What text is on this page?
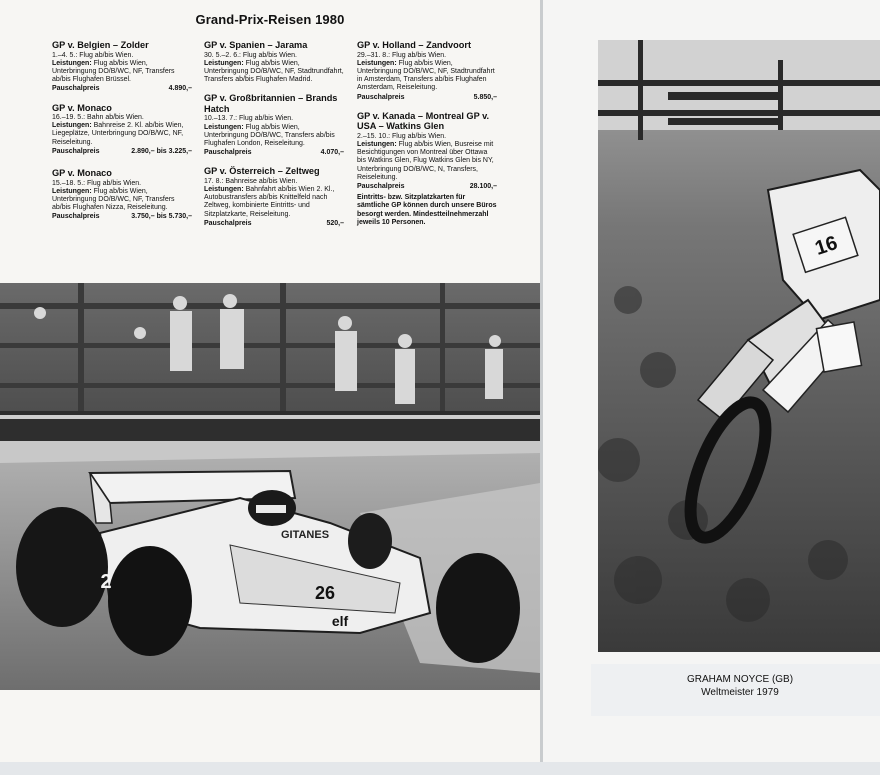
Grand-Prix-Reisen 1980
GP v. Belgien – Zolder

1.–4. 5.: Flug ab/bis Wien.

Leistungen: Flug ab/bis Wien, Unterbringung DO/B/WC, NF, Transfers ab/bis Flughafen Brüssel.

Pauschalpreis	4.890,–
GP v. Monaco

16.–19. 5.: Bahn ab/bis Wien.

Leistungen: Bahnreise 2. Kl. ab/bis Wien, Liegeplätze, Unterbringung DO/B/WC, NF, Reiseleitung.

Pauschalpreis	2.890,– bis 3.225,–
GP v. Monaco

15.–18. 5.: Flug ab/bis Wien.

Leistungen: Flug ab/bis Wien, Unterbringung DO/B/WC, NF, Transfers ab/bis Flughafen Nizza, Reiseleitung.

Pauschalpreis	3.750,– bis 5.730,–
GP v. Spanien – Jarama

30. 5.–2. 6.: Flug ab/bis Wien.

Leistungen: Flug ab/bis Wien, Unterbringung DO/B/WC, NF, Stadtrundfahrt, Transfers ab/bis Flughafen Madrid.

GP v. Großbritannien – Brands Hatch

10.–13. 7.: Flug ab/bis Wien.

Leistungen: Flug ab/bis Wien, Unterbringung DO/B/WC, Transfers ab/bis Flughafen London, Reiseleitung.

Pauschalpreis	4.070,–
GP v. Österreich – Zeltweg

17. 8.: Bahnreise ab/bis Wien.

Leistungen: Bahnfahrt ab/bis Wien 2. Kl., Autobustransfers ab/bis Knittelfeld nach Zeltweg, kombinierte Eintritts- und Sitzplatzkarte, Reiseleitung.

Pauschalpreis	520,–
GP v. Holland – Zandvoort

29.–31. 8.: Flug ab/bis Wien.

Leistungen: Flug ab/bis Wien, Unterbringung DO/B/WC, NF, Stadtrundfahrt in Amsterdam, Transfers ab/bis Flughafen Amsterdam, Reiseleitung.

Pauschalpreis	5.850,–
GP v. Kanada – Montreal GP v. USA – Watkins Glen

2.–15. 10.: Flug ab/bis Wien.

Leistungen: Flug ab/bis Wien, Busreise mit Besichtigungen von Montreal über Ottawa bis Watkins Glen, Flug Watkins Glen bis NY, Unterbringung DO/B/WC, N, Transfers, Reiseleitung.

Pauschalpreis	28.100,–

Eintritts- bzw. Sitzplatzkarten für sämtliche GP können durch unsere Büros besorgt werden. Mindestteilnehmerzahl jeweils 10 Personen.

GITANES
26
elf
2
16
GRAHAM NOYCE (GB)
Weltmeister 1979
